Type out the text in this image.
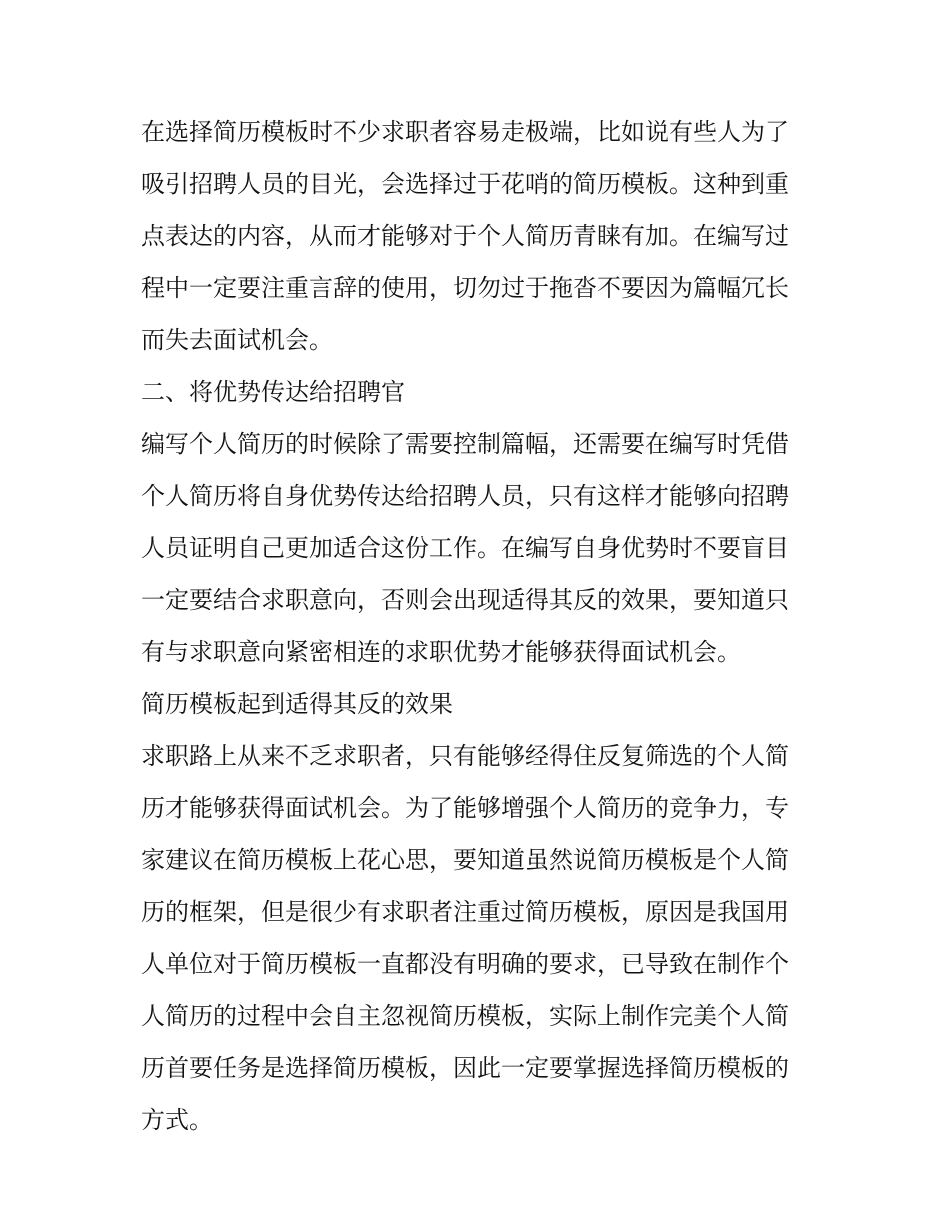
在选择简历模板时不少求职者容易走极端，比如说有些人为了
吸引招聘人员的目光，会选择过于花哨的简历模板。这种到重
点表达的内容，从而才能够对于个人简历青睐有加。在编写过
程中一定要注重言辞的使用，切勿过于拖沓不要因为篇幅冗长
而失去面试机会。
二、将优势传达给招聘官
编写个人简历的时候除了需要控制篇幅，还需要在编写时凭借
个人简历将自身优势传达给招聘人员，只有这样才能够向招聘
人员证明自己更加适合这份工作。在编写自身优势时不要盲目
一定要结合求职意向，否则会出现适得其反的效果，要知道只
有与求职意向紧密相连的求职优势才能够获得面试机会。
简历模板起到适得其反的效果
求职路上从来不乏求职者，只有能够经得住反复筛选的个人简
历才能够获得面试机会。为了能够增强个人简历的竞争力，专
家建议在简历模板上花心思，要知道虽然说简历模板是个人简
历的框架，但是很少有求职者注重过简历模板，原因是我国用
人单位对于简历模板一直都没有明确的要求，已导致在制作个
人简历的过程中会自主忽视简历模板，实际上制作完美个人简
历首要任务是选择简历模板，因此一定要掌握选择简历模板的
方式。
